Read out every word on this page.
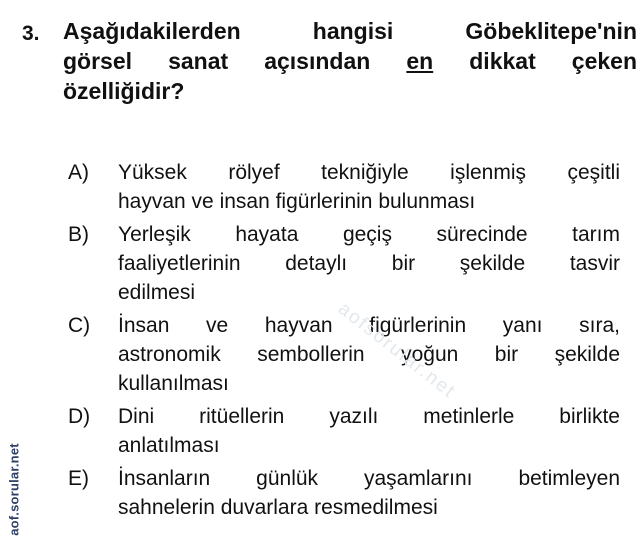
3. Aşağıdakilerden hangisi Göbeklitepe'nin
görsel sanat açısından en dikkat çeken
özelliğidir?
A) Yüksek rölyef tekniğiyle işlenmiş çeşitli
hayvan ve insan figürlerinin bulunması
B) Yerleşik hayata geçiş sürecinde tarım
faaliyetlerinin detaylı bir şekilde tasvir
edilmesi
C) İnsan ve hayvan figürlerinin yanı sıra,
astronomik sembollerin yoğun bir şekilde
kullanılması
D) Dini ritüellerin yazılı metinlerle birlikte
anlatılması
E) İnsanların günlük yaşamlarını betimleyen
sahnelerin duvarlara resmedilmesi
aof.sorular.net
aofsorular.net
